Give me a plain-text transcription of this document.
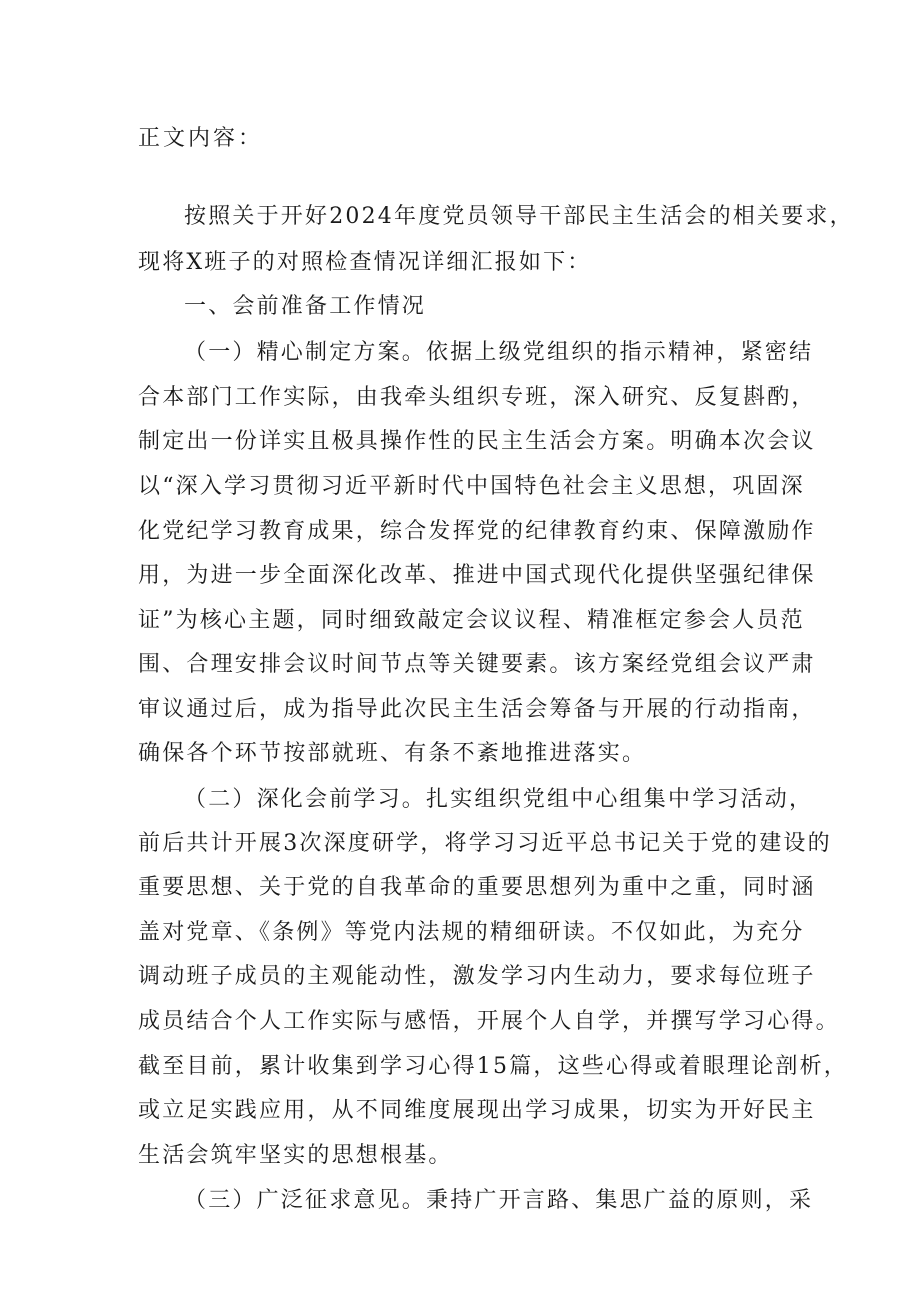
正文内容：
按照关于开好2024年度党员领导干部民主生活会的相关要求，
现将X班子的对照检查情况详细汇报如下：
一、会前准备工作情况
（一）精心制定方案。依据上级党组织的指示精神，紧密结
合本部门工作实际，由我牵头组织专班，深入研究、反复斟酌，
制定出一份详实且极具操作性的民主生活会方案。明确本次会议
以“深入学习贯彻习近平新时代中国特色社会主义思想，巩固深
化党纪学习教育成果，综合发挥党的纪律教育约束、保障激励作
用，为进一步全面深化改革、推进中国式现代化提供坚强纪律保
证”为核心主题，同时细致敲定会议议程、精准框定参会人员范
围、合理安排会议时间节点等关键要素。该方案经党组会议严肃
审议通过后，成为指导此次民主生活会筹备与开展的行动指南，
确保各个环节按部就班、有条不紊地推进落实。
（二）深化会前学习。扎实组织党组中心组集中学习活动，
前后共计开展3次深度研学，将学习习近平总书记关于党的建设的
重要思想、关于党的自我革命的重要思想列为重中之重，同时涵
盖对党章、《条例》等党内法规的精细研读。不仅如此，为充分
调动班子成员的主观能动性，激发学习内生动力，要求每位班子
成员结合个人工作实际与感悟，开展个人自学，并撰写学习心得。
截至目前，累计收集到学习心得15篇，这些心得或着眼理论剖析，
或立足实践应用，从不同维度展现出学习成果，切实为开好民主
生活会筑牢坚实的思想根基。
（三）广泛征求意见。秉持广开言路、集思广益的原则，采
